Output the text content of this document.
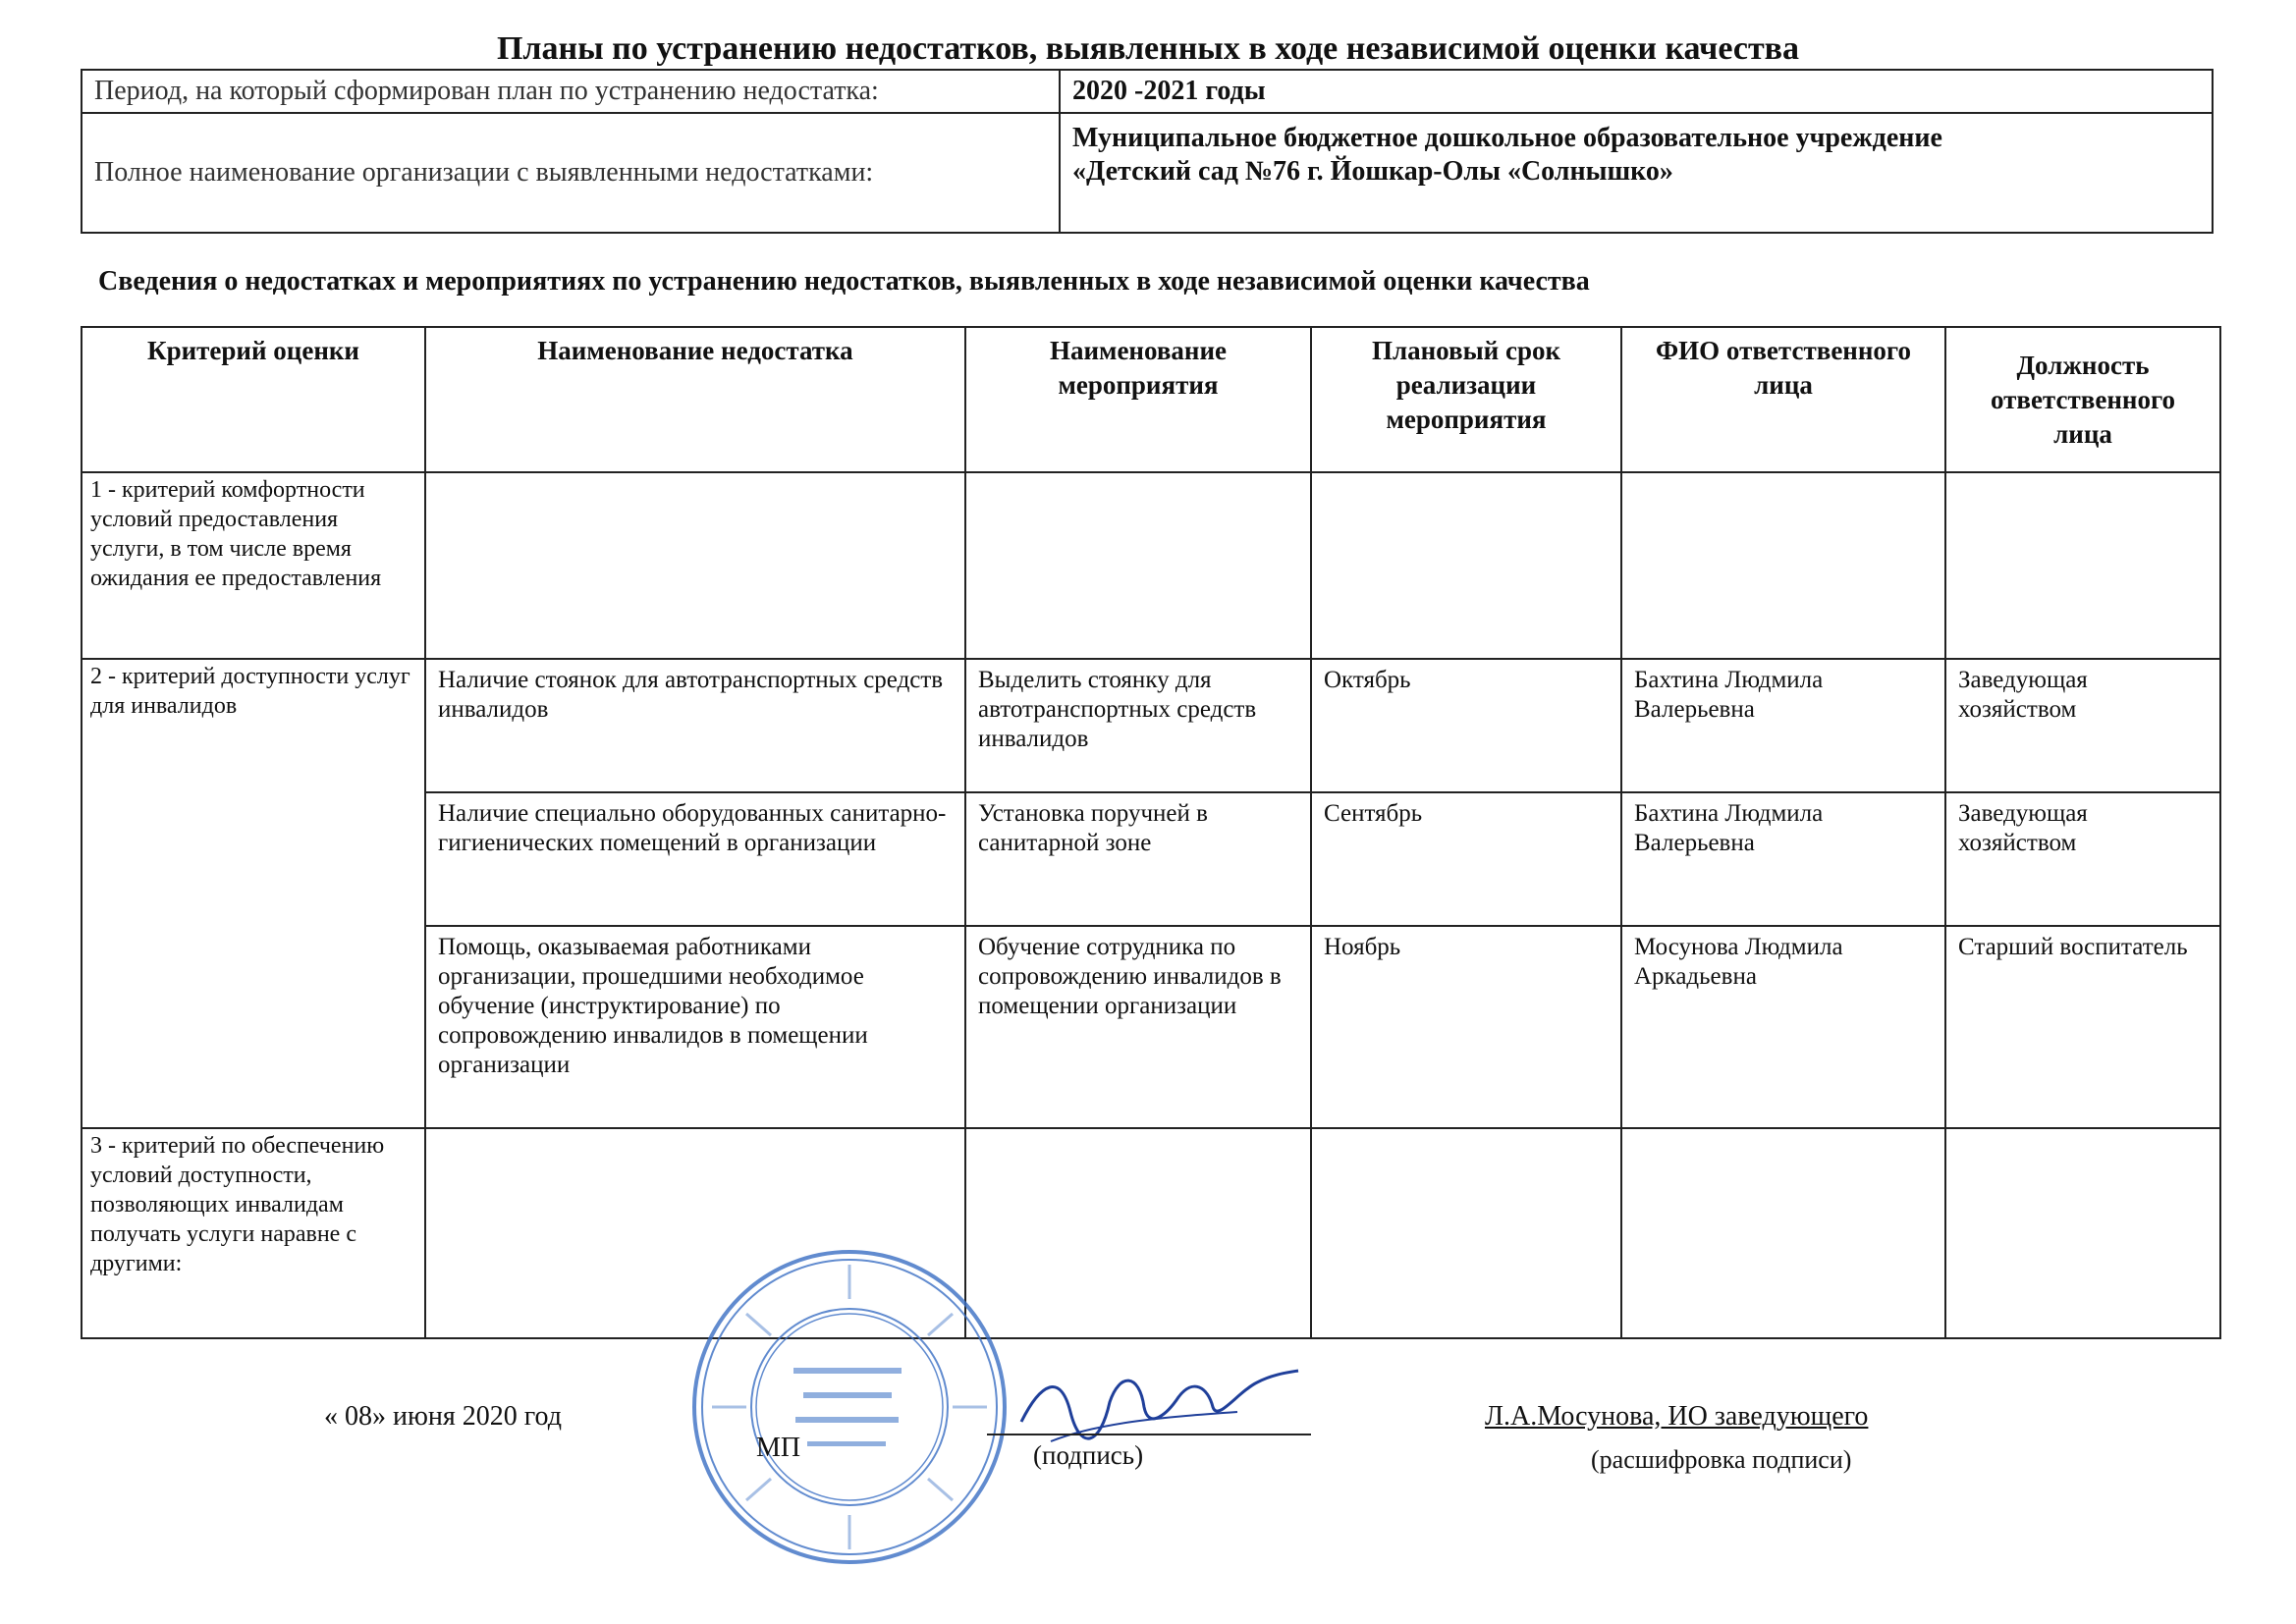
Планы по устранению недостатков, выявленных в ходе независимой оценки качества
Период, на который сформирован план по устранению недостатка:	2020 -2021 годы
Полное наименование организации с выявленными недостатками:	Муниципальное бюджетное дошкольное образовательное учреждение
«Детский сад №76 г. Йошкар-Олы «Солнышко»
Сведения о недостатках и мероприятиях по устранению недостатков, выявленных в ходе независимой оценки качества
Критерий оценки	Наименование недостатка	Наименование мероприятия	Плановый срок реализации мероприятия	ФИО ответственного лица	Должность ответственного лица
1 - критерий комфортности условий предоставления услуги, в том числе время ожидания ее предоставления					
2 - критерий доступности услуг для инвалидов	Наличие стоянок для автотранспортных средств инвалидов	Выделить стоянку для автотранспортных средств инвалидов	Октябрь	Бахтина Людмила Валерьевна	Заведующая хозяйством
	Наличие специально оборудованных санитарно-гигиенических помещений в организации	Установка поручней в санитарной зоне	Сентябрь	Бахтина Людмила Валерьевна	Заведующая хозяйством
	Помощь, оказываемая работниками организации, прошедшими необходимое обучение (инструктирование) по сопровождению инвалидов в помещении организации	Обучение сотрудника по сопровождению инвалидов в помещении организации	Ноябрь	Мосунова Людмила Аркадьевна	Старший воспитатель
3 - критерий по обеспечению условий доступности, позволяющих инвалидам получать услуги наравне с другими:					
« 08» июня 2020 год
МП	(подпись)
Л.А.Мосунова, ИО заведующего
(расшифровка подписи)
